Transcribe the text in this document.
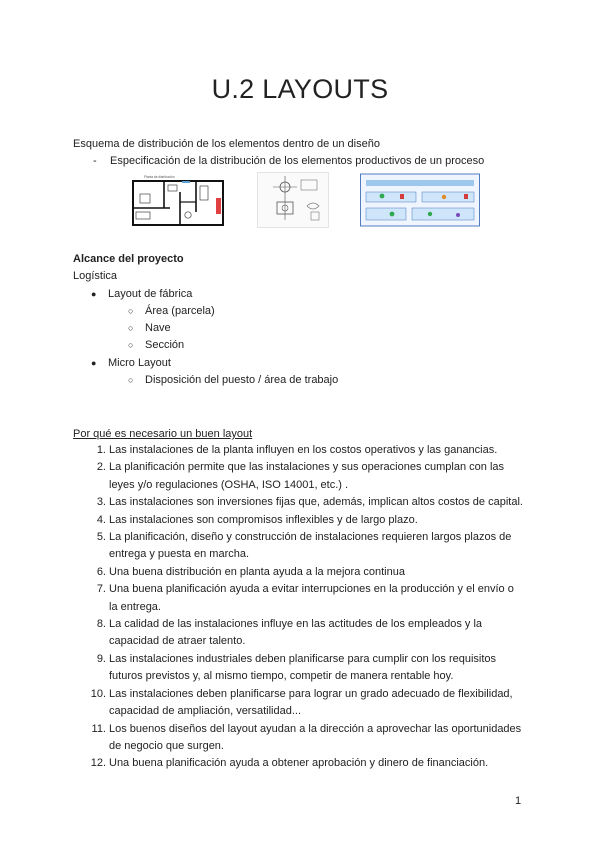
U.2 LAYOUTS

Esquema de distribución de los elementos dentro de un diseño

- Especificación de la distribución de los elementos productivos de un proceso

Planta de distribución

Alcance del proyecto

Logística

● Layout de fábrica
○ Área (parcela)
○ Nave
○ Sección
● Micro Layout
○ Disposición del puesto / área de trabajo

Por qué es necesario un buen layout

1. Las instalaciones de la planta influyen en los costos operativos y las ganancias.
2. La planificación permite que las instalaciones y sus operaciones cumplan con las
leyes y/o regulaciones (OSHA, ISO 14001, etc.) .
3. Las instalaciones son inversiones fijas que, además, implican altos costos de capital.
4. Las instalaciones son compromisos inflexibles y de largo plazo.
5. La planificación, diseño y construcción de instalaciones requieren largos plazos de
entrega y puesta en marcha.
6. Una buena distribución en planta ayuda a la mejora continua
7. Una buena planificación ayuda a evitar interrupciones en la producción y el envío o
la entrega.
8. La calidad de las instalaciones influye en las actitudes de los empleados y la
capacidad de atraer talento.
9. Las instalaciones industriales deben planificarse para cumplir con los requisitos
futuros previstos y, al mismo tiempo, competir de manera rentable hoy.
10. Las instalaciones deben planificarse para lograr un grado adecuado de flexibilidad,
capacidad de ampliación, versatilidad...
11. Los buenos diseños del layout ayudan a la dirección a aprovechar las oportunidades
de negocio que surgen.
12. Una buena planificación ayuda a obtener aprobación y dinero de financiación.
1
